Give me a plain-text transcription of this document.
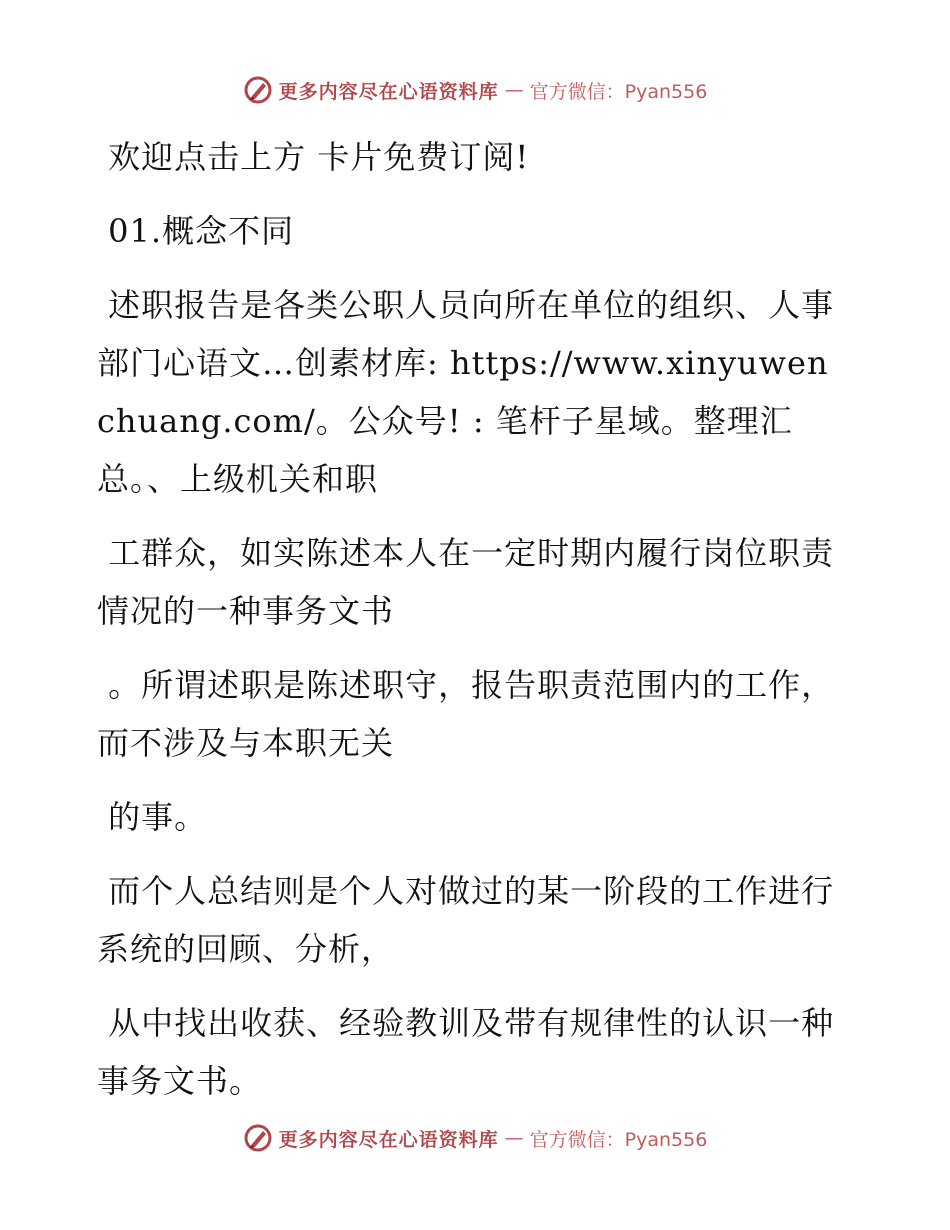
更多内容尽在心语资料库 — 官方微信：Pyan556

欢迎点击上方 卡片免费订阅!

01.概念不同

述职报告是各类公职人员向所在单位的组织、人事部门心语文…创素材库: https://www.xinyuwenchuang.com/。公众号! : 笔杆子星域。整理汇总。、上级机关和职

工群众，如实陈述本人在一定时期内履行岗位职责情况的一种事务文书

。所谓述职是陈述职守，报告职责范围内的工作，而不涉及与本职无关

的事。

而个人总结则是个人对做过的某一阶段的工作进行系统的回顾、分析，

从中找出收获、经验教训及带有规律性的认识一种事务文书。

更多内容尽在心语资料库 — 官方微信：Pyan556
